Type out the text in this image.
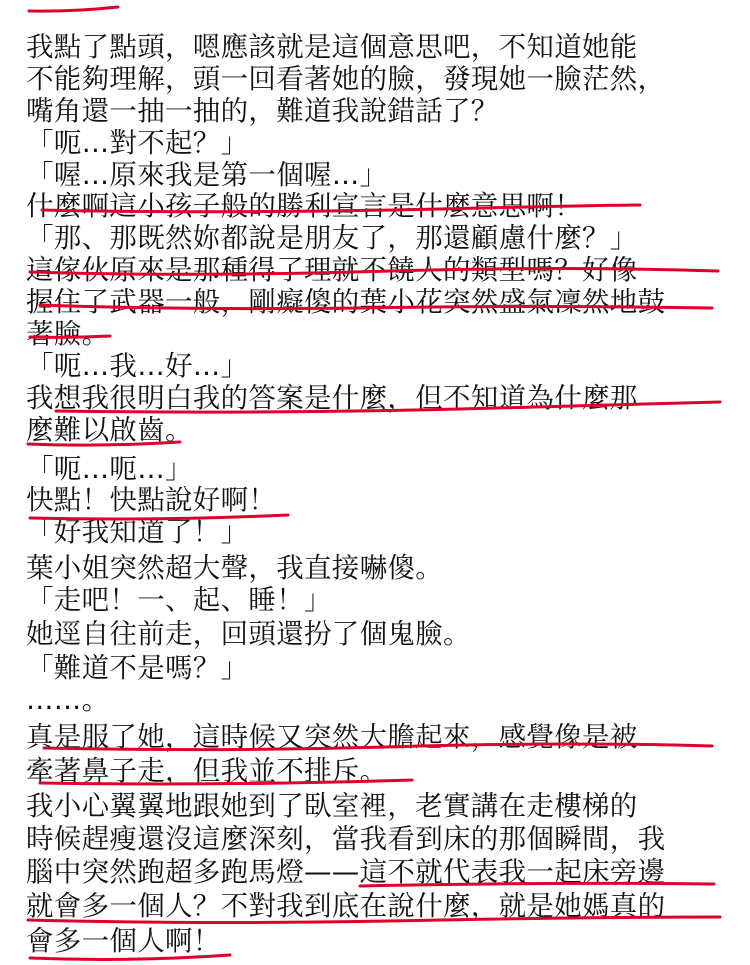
我點了點頭，嗯應該就是這個意思吧，不知道她能
不能夠理解，頭一回看著她的臉，發現她一臉茫然，
嘴角還一抽一抽的，難道我說錯話了？
「呃…對不起？」
「喔…原來我是第一個喔…」
什麼啊這小孩子般的勝利宣言是什麼意思啊！
「那、那既然妳都說是朋友了，那還顧慮什麼？」
這傢伙原來是那種得了理就不饒人的類型嗎？好像
握住了武器一般，剛癡傻的葉小花突然盛氣凜然地鼓
著臉。
「呃…我…好…」
我想我很明白我的答案是什麼，但不知道為什麼那
麼難以啟齒。
「呃…呃…」
快點！快點說好啊！
「好我知道了！」
葉小姐突然超大聲，我直接嚇傻。
「走吧！一、起、睡！」
她逕自往前走，回頭還扮了個鬼臉。
「難道不是嗎？」
……。
真是服了她，這時候又突然大膽起來，感覺像是被
牽著鼻子走，但我並不排斥。
我小心翼翼地跟她到了臥室裡，老實講在走樓梯的
時候趕瘦還沒這麼深刻，當我看到床的那個瞬間，我
腦中突然跑超多跑馬燈——這不就代表我一起床旁邊
就會多一個人？不對我到底在說什麼，就是她媽真的
會多一個人啊！
